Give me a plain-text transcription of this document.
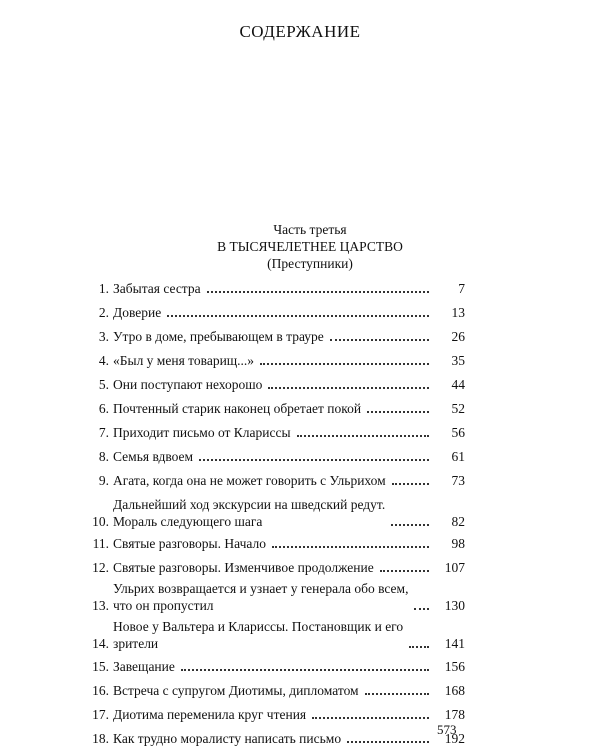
СОДЕРЖАНИЕ
Часть третья
В ТЫСЯЧЕЛЕТНЕЕ ЦАРСТВО
(Преступники)
1. Забытая сестра	7
2. Доверие	13
3. Утро в доме, пребывающем в трауре	26
4. «Был у меня товарищ...»	35
5. Они поступают нехорошо	44
6. Почтенный старик наконец обретает покой	52
7. Приходит письмо от Клариссы	56
8. Семья вдвоем	61
9. Агата, когда она не может говорить с Ульрихом	73
10.
Дальнейший ход экскурсии на шведский редут.
Мораль следующего шага	82
11. Святые разговоры. Начало	98
12. Святые разговоры. Изменчивое продолжение	107
13.
Ульрих возвращается и узнает у генерала обо всем,
что он пропустил	130
14.
Новое у Вальтера и Клариссы. Постановщик и его
зрители	141
15. Завещание	156
16. Встреча с супругом Диотимы, дипломатом	168
17. Диотима переменила круг чтения	178
18. Как трудно моралисту написать письмо	192
573
